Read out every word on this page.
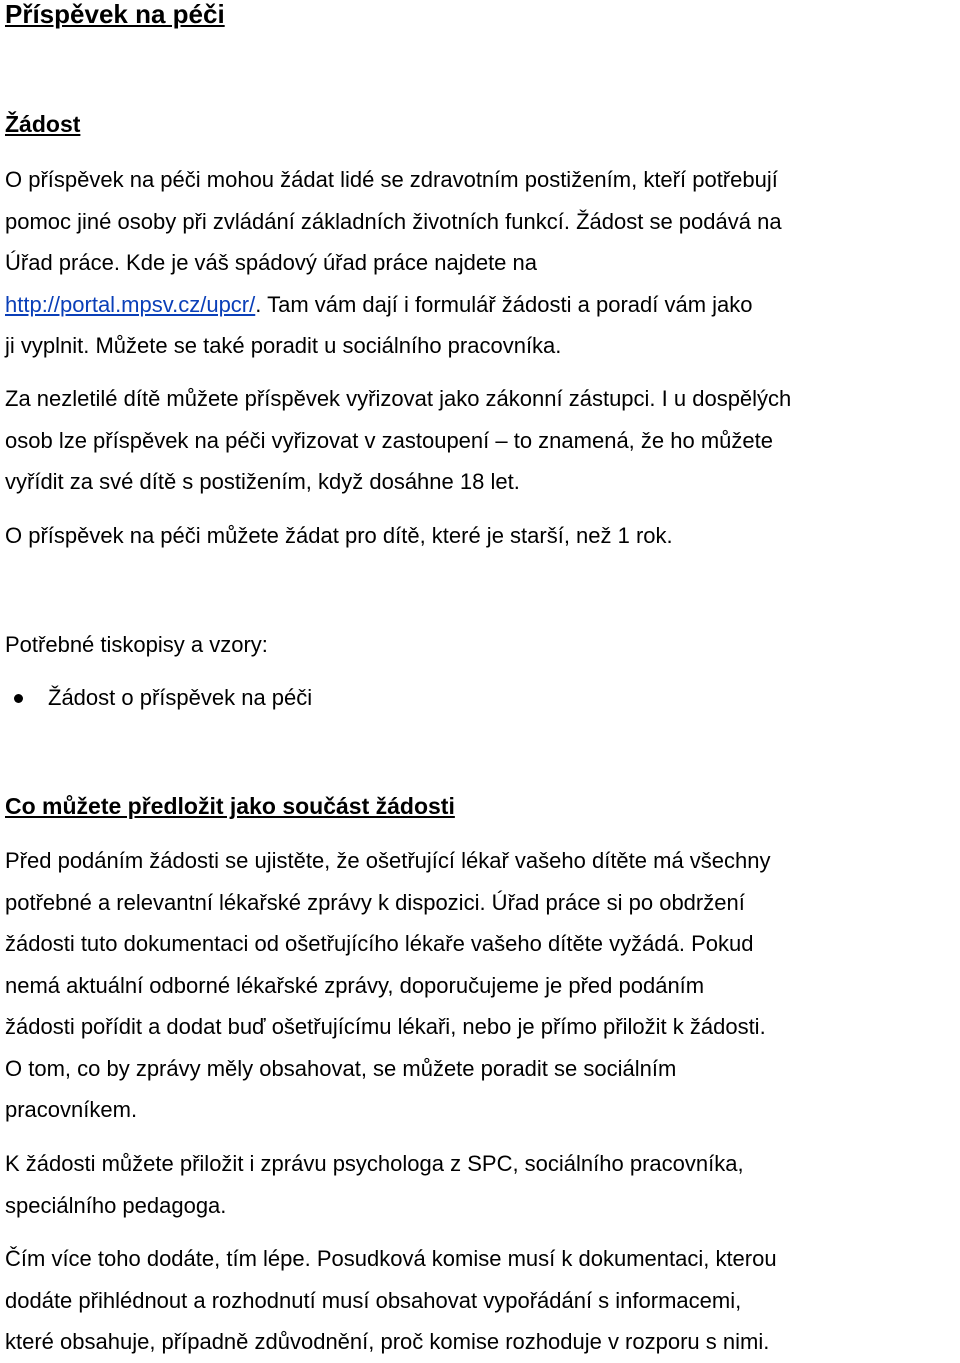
Příspěvek na péči
Žádost

O příspěvek na péči mohou žádat lidé se zdravotním postižením, kteří potřebují
pomoc jiné osoby při zvládání základních životních funkcí. Žádost se podává na
Úřad práce. Kde je váš spádový úřad práce najdete na
http://portal.mpsv.cz/upcr/. Tam vám dají i formulář žádosti a poradí vám jako
ji vyplnit. Můžete se také poradit u sociálního pracovníka.

Za nezletilé dítě můžete příspěvek vyřizovat jako zákonní zástupci. I u dospělých
osob lze příspěvek na péči vyřizovat v zastoupení – to znamená, že ho můžete
vyřídit za své dítě s postižením, když dosáhne 18 let.

O příspěvek na péči můžete žádat pro dítě, které je starší, než 1 rok.

Potřebné tiskopisy a vzory:

Žádost o příspěvek na péči
Co můžete předložit jako součást žádosti

Před podáním žádosti se ujistěte, že ošetřující lékař vašeho dítěte má všechny
potřebné a relevantní lékařské zprávy k dispozici. Úřad práce si po obdržení
žádosti tuto dokumentaci od ošetřujícího lékaře vašeho dítěte vyžádá. Pokud
nemá aktuální odborné lékařské zprávy, doporučujeme je před podáním
žádosti pořídit a dodat buď ošetřujícímu lékaři, nebo je přímo přiložit k žádosti.
O tom, co by zprávy měly obsahovat, se můžete poradit se sociálním
pracovníkem.

K žádosti můžete přiložit i zprávu psychologa z SPC, sociálního pracovníka,
speciálního pedagoga.

Čím více toho dodáte, tím lépe. Posudková komise musí k dokumentaci, kterou
dodáte přihlédnout a rozhodnutí musí obsahovat vypořádání s informacemi,
které obsahuje, případně zdůvodnění, proč komise rozhoduje v rozporu s nimi.
